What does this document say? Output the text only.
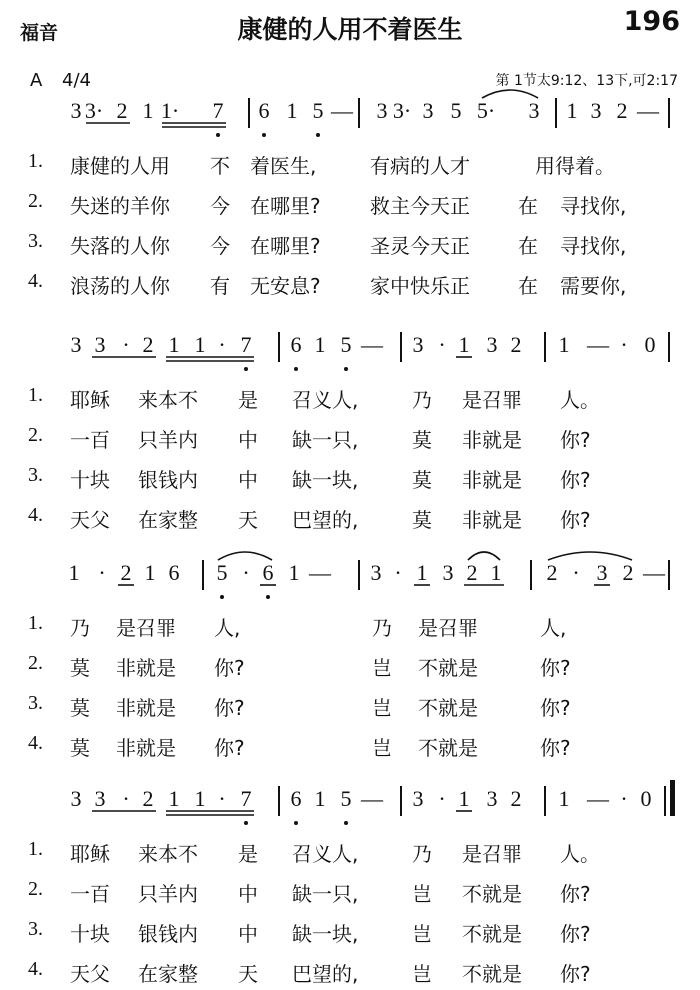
福音	康健的人用不着医生	196
A 4/4	第 1节太9:12、13下,可2:17
3 3· 2 1 1· 7 6 1 5 — 3 3· 3 5 5· 3 1 3 2 —
1. 康健的人用 不 着医生,	有病的人才	用得着。
2. 失迷的羊你 今 在哪里? 救主今天正 在 寻找你,
3. 失落的人你 今 在哪里? 圣灵今天正 在 寻找你,
4. 浪荡的人你 有 无安息? 家中快乐正 在 需要你,
3 3 · 2 1 1 · 7 6 1 5 — 3 · 1 3 2 1 — · 0
1. 耶稣 来本不 是 召义人,	乃 是召罪 人。
2. 一百 只羊内 中 缺一只,	莫 非就是 你?
3. 十块 银钱内 中 缺一块,	莫 非就是 你?
4. 天父 在家整 天 巴望的,	莫 非就是 你?
1 · 2 1 6 5 · 6 1 — 3 · 1 3 2 1 2 · 3 2 —
1. 乃 是召罪 人,	乃 是召罪	人,
2. 莫 非就是 你?	岂 不就是	你?
3. 莫 非就是 你?	岂 不就是	你?
4. 莫 非就是 你?	岂 不就是	你?
3 3 · 2 1 1 · 7 6 1 5 — 3 · 1 3 2 1 — · 0
1. 耶稣 来本不 是 召义人,	乃 是召罪 人。
2. 一百 只羊内 中 缺一只,	岂 不就是 你?
3. 十块 银钱内 中 缺一块,	岂 不就是 你?
4. 天父 在家整 天 巴望的,	岂 不就是 你?
